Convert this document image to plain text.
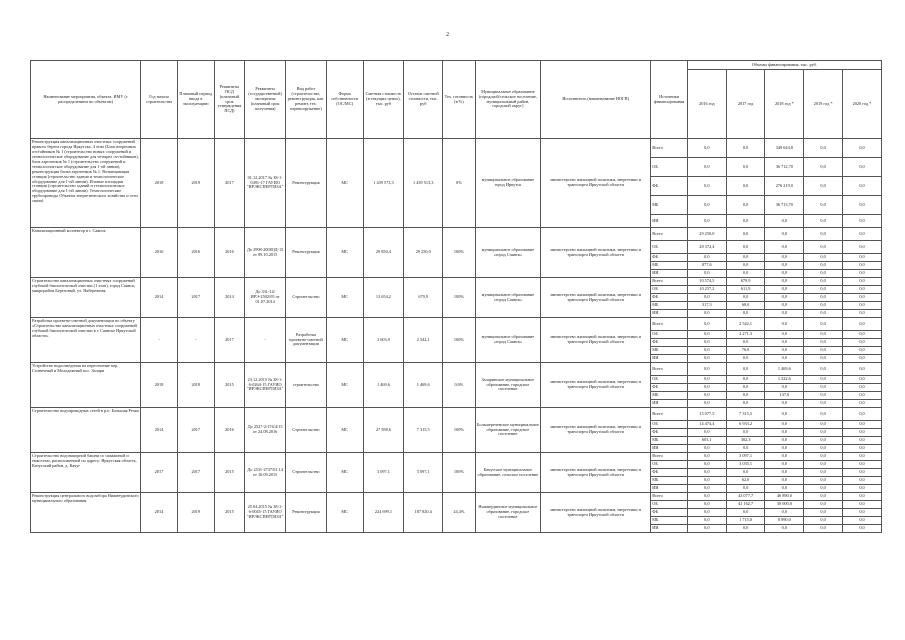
2
Наименование мероприятия, объекта, ИМУ (с распределением по объектам)	Год начала строительства	Плановый период ввода в эксплуатацию	Реквизиты ПСД (плановый срок утверждения ПСД)	Реквизиты (государственной) экспертизы (плановый срок получения)	Вид работ (строительство, реконструкция, кап. ремонт, тех. перевооружение)	Форма собственности (ОС/МС)	Сметная стоимость (в текущих ценах), тыс. руб	Остаток сметной стоимости, тыс. руб	Тех. готовность (в %)	Муниципальное образование (городской/сельское поселение, муниципальный район, городской округ)	Исполнитель (наименование ИОГВ)	Источники финансирования	Объемы финансирования, тыс. руб.				
													2016 год	2017 год	2018 год *	2019 год *	2020 год *
Реконструкция канализационных очистных сооружений правого берега города Иркутска. 4 этап (Блок вторичных отстойников № 1 (строительство новых сооружений и технологическое оборудование для четырех отстойников), блок аэротенков № 1 (строительство сооружений и технологическое оборудование для 1-ой линии), реконструкция блока аэротенков № 1. Возмещающая станция (строительство здания и технологическое оборудование для 1-ой линии). Иловые площадки станции (строительство зданий и технологическое оборудование для 1-ой линии). Технологические трубопроводы Объекты энергетического хозяйства и сети связи)	2018	2019	2017	01.12.2017 № 38-1-0491-17 ГАУИО "ИРЭКСПЕРТИЗА"	Реконструкция	МС	1 439 573,3	1 439 513,3	0%	муниципальное образование город Иркутск	министерство жилищной политики, энергетики и транспорта Иркутской области	Всего	0,0	0,0	349 644,8	0,0	0,0
												ОБ	0,0	0,0	36 712,70	0,0	0,0
												ФБ	0,0	0,0	276 219,0	0,0	0,0
												МБ	0,0	0,0	36 713,70	0,0	0,0
												ИИ	0,0	0,0	0,0	0,0	0,0
Канализационный коллектор в г. Саянск	2016	2016	2016	До 2998-2008ОД-15 от 09.10.2015	Реконструкция	МС	29 850,4	29 250,0	100%	муниципальное образование «город Саянск»	министерство жилищной политики, энергетики и транспорта Иркутской области	Всего	29 250,0	0,0	0,0	0,0	0,0
												ОБ	28 372,4	0,0	0,0	0,0	0,0
												ФБ	0,0	0,0	0,0	0,0	0,0
												МБ	877,6	0,0	0,0	0,0	0,0
												ИИ	0,0	0,0	0,0	0,0	0,0
Строительство канализационных очистных сооружений глубокой биологической очистки (1 этап), город Саянск, микрорайон Березовый, ул. Набережная	2014	2017	2014	До 331-14/ИРЭ-2502/05 от 01.07.2014	Строительство	МС	13 654,2	679,9	100%	муниципальное образование «город Саянск»	министерство жилищной политики, энергетики и транспорта Иркутской области	Всего	10 574,5	679,9	0,0	0,0	0,0
												ОБ	10 257,2	611,9	0,0	0,0	0,0
												ФБ	0,0	0,0	0,0	0,0	0,0
												МБ	317,3	68,0	0,0	0,0	0,0
												ИИ	0,0	0,0	0,0	0,0	0,0
Разработка проектно-сметной документации по объекту «Строительство канализационных очистных сооружений глубокой биологической очистки в г. Саянске Иркутской области»	-	-	2017	-	Разработка проектно-сметной документации	МС	3 603,0	2 542,1	100%	муниципальное образование «город Саянск»	министерство жилищной политики, энергетики и транспорта Иркутской области	Всего	0,0	2 542,1	0,0	0,0	0,0
												ОБ	0,0	2 271,3	0,0	0,0	0,0
												ФБ	0,0	0,0	0,0	0,0	0,0
												МБ	0,0	76,8	0,0	0,0	0,0
												ИИ	0,0	0,0	0,0	0,0	0,0
Устройство водоотведения на пересечение пер. Солнечный и Молодежный пос. Залари	2018	2018	2015	23.12.2015 № 38-1-6-0264-15 ГАУИО "ИРЭКСПЕРТИЗА"	строительство	МС	1 469,6	1 469,6	0,0%	Заларинское муниципальное образование, городское поселение	министерство жилищной политики, энергетики и транспорта Иркутской области	Всего	0,0	0,0	1 469,6	0,0	0,0
												ОБ	0,0	0,0	1 322,6	0,0	0,0
												ФБ	0,0	0,0	0,0	0,0	0,0
												МБ	0,0	0,0	147,0	0,0	0,0
												ИИ	0,0	0,0	0,0	0,0	0,0
Строительство водопроводных сетей в р.п. Большая Речка	2014	2017	2016	До 2527-2/174/4/15 от 24.08.2016	Строительство	МС	27 588,6	7 315,5	100%	Большереченское муниципальное образование, городское поселение	министерство жилищной политики, энергетики и транспорта Иркутской области	Всего	15 077,5	7 315,5	0,0	0,0	0,0
												ОБ	14 474,4	6 933,2	0,0	0,0	0,0
												ФБ	0,0	0,0	0,0	0,0	0,0
												МБ	603,1	382,3	0,0	0,0	0,0
												ИИ	0,0	0,0	0,0	0,0	0,0
Строительство водонапорной башни со скважиной и емкостью, расположенной по адресу: Иркутская область, Качугский район, д. Качуг	2017	2017	2015	До 2531-2737/01.14 от 16.09.2015	Строительство	МС	3 097,1	3 097,1	100%	Качугское муниципальное образование, сельское поселение	министерство жилищной политики, энергетики и транспорта Иркутской области	Всего	0,0	3 097,1	0,0	0,0	0,0
												ОБ	0,0	3 035,1	0,0	0,0	0,0
												ФБ	0,0	0,0	0,0	0,0	0,0
												МБ	0,0	62,0	0,0	0,0	0,0
												ИИ	0,0	0,0	0,0	0,0	0,0
Реконструкция центрального водозабора Нижнеудинского муниципального образования	2014	2019	2015	25.04.2015 № 38-1-6-0045-15 ГАУИО "ИРЭКСПЕРТИЗА"	Реконструкция	МС	224 699,1	187 820,4	24,4%	Нижнеудинское муниципальное образование, городское поселение	министерство жилищной политики, энергетики и транспорта Иркутской области	Всего	0,0	43 077,7	46 890,0	0,0	0,0
												ОБ	0,0	41 162,7	30 000,0	0,0	0,0
												ФБ	0,0	0,0	0,0	0,0	0,0
												МБ	0,0	1 715,0	8 890,0	0,0	0,0
												ИИ	0,0	0,0	0,0	0,0	0,0
